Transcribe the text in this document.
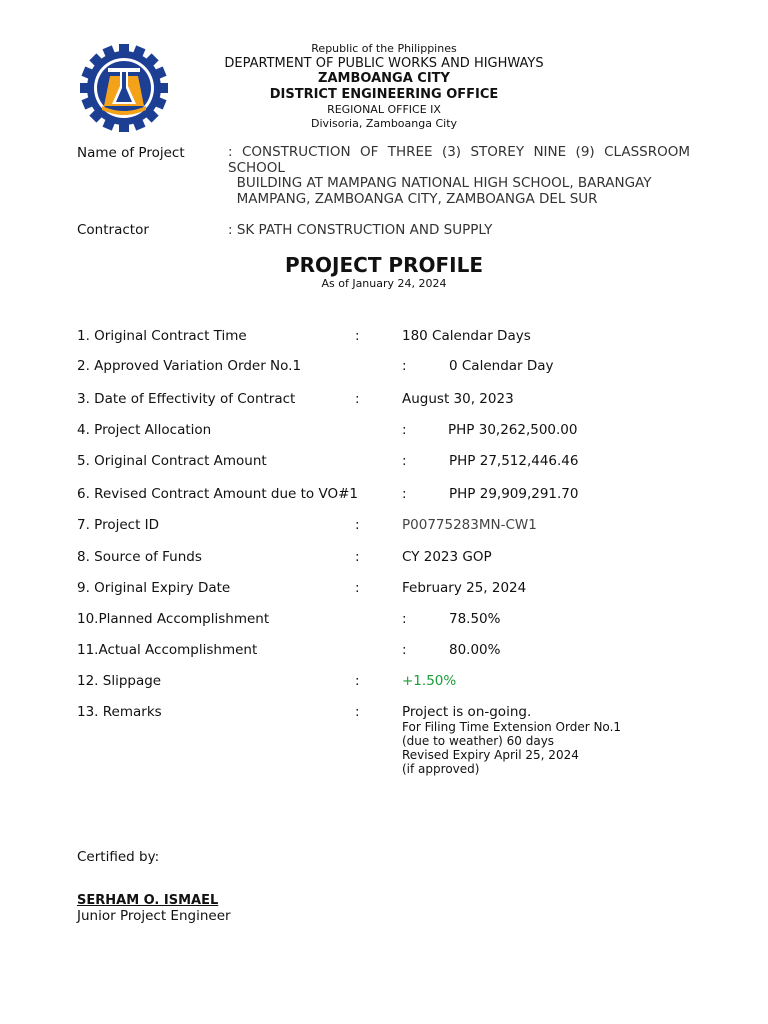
Republic of the Philippines
DEPARTMENT OF PUBLIC WORKS AND HIGHWAYS
ZAMBOANGA CITY
DISTRICT ENGINEERING OFFICE
REGIONAL OFFICE IX
Divisoria, Zamboanga City
Name of Project	: CONSTRUCTION OF THREE (3) STOREY NINE (9) CLASSROOM
SCHOOL
BUILDING AT MAMPANG NATIONAL HIGH SCHOOL, BARANGAY
MAMPANG, ZAMBOANGA CITY, ZAMBOANGA DEL SUR
Contractor	: SK PATH CONSTRUCTION AND SUPPLY
PROJECT PROFILE
As of January 24, 2024
1. Original Contract Time	:	180 Calendar Days
2. Approved Variation Order No.1	:	0 Calendar Day
3. Date of Effectivity of Contract	:	August 30, 2023
4. Project Allocation	:	PHP 30,262,500.00
5. Original Contract Amount	:	PHP 27,512,446.46
6. Revised Contract Amount due to VO#1	:	PHP 29,909,291.70
7. Project ID	:	P00775283MN-CW1
8. Source of Funds	:	CY 2023 GOP
9. Original Expiry Date	:	February 25, 2024
10.Planned Accomplishment	:	78.50%
11.Actual Accomplishment	:	80.00%
12. Slippage	:	+1.50%
13. Remarks	:	Project is on-going.
For Filing Time Extension Order No.1
(due to weather) 60 days
Revised Expiry April 25, 2024
(if approved)
Certified by:
SERHAM O. ISMAEL
Junior Project Engineer
